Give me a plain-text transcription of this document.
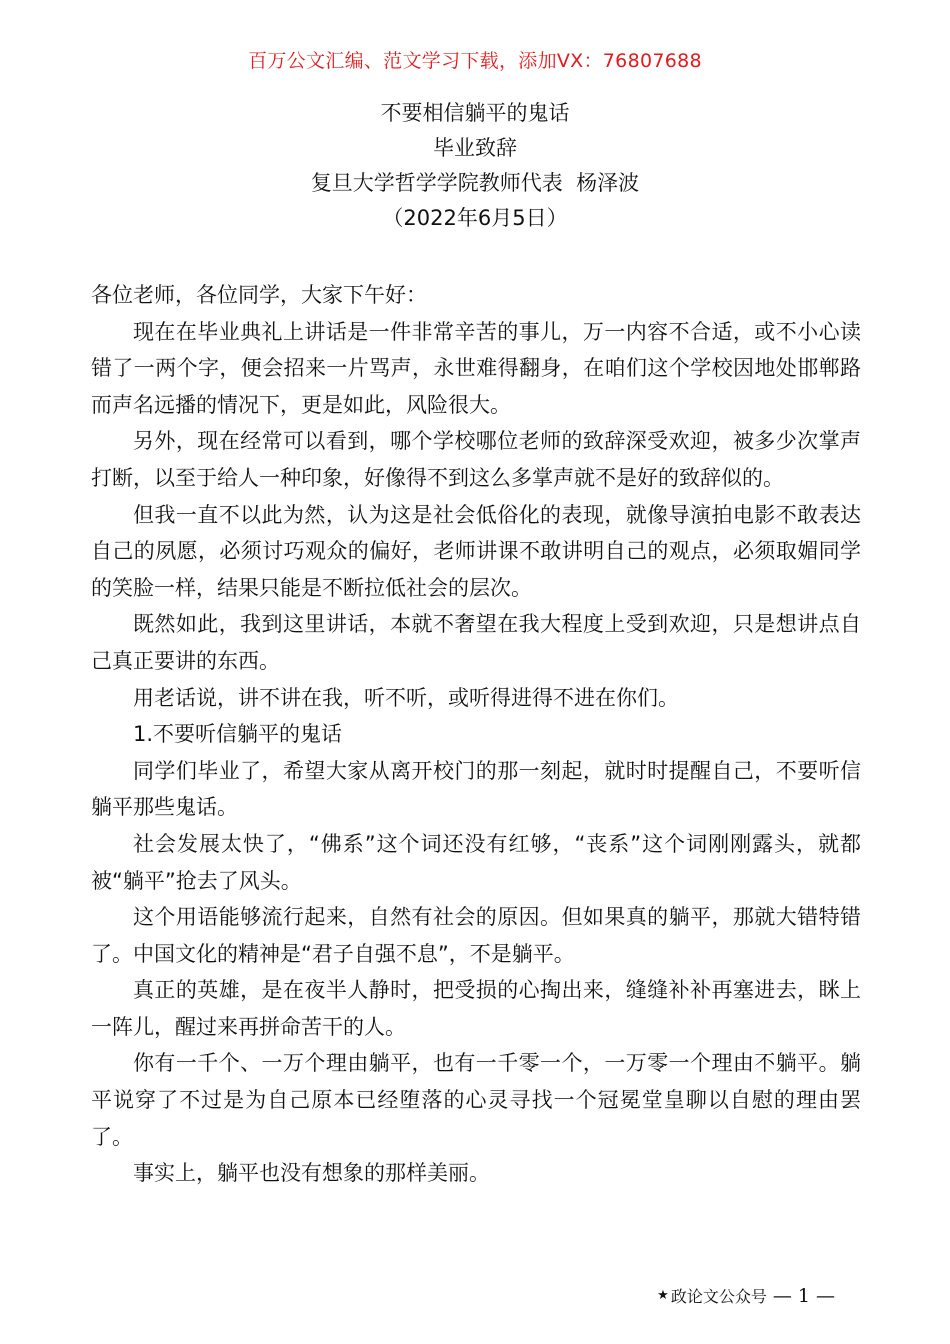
百万公文汇编、范文学习下载，添加VX：76807688
不要相信躺平的鬼话
毕业致辞
复旦大学哲学学院教师代表  杨泽波
（2022年6月5日）

各位老师，各位同学，大家下午好：

现在在毕业典礼上讲话是一件非常辛苦的事儿，万一内容不合适，或不小心读错了一两个字，便会招来一片骂声，永世难得翻身，在咱们这个学校因地处邯郸路而声名远播的情况下，更是如此，风险很大。

另外，现在经常可以看到，哪个学校哪位老师的致辞深受欢迎，被多少次掌声打断，以至于给人一种印象，好像得不到这么多掌声就不是好的致辞似的。

但我一直不以此为然，认为这是社会低俗化的表现，就像导演拍电影不敢表达自己的夙愿，必须讨巧观众的偏好，老师讲课不敢讲明自己的观点，必须取媚同学的笑脸一样，结果只能是不断拉低社会的层次。

既然如此，我到这里讲话，本就不奢望在我大程度上受到欢迎，只是想讲点自己真正要讲的东西。

用老话说，讲不讲在我，听不听，或听得进得不进在你们。

1.不要听信躺平的鬼话

同学们毕业了，希望大家从离开校门的那一刻起，就时时提醒自己，不要听信躺平那些鬼话。

社会发展太快了，“佛系”这个词还没有红够，“丧系”这个词刚刚露头，就都被“躺平”抢去了风头。

这个用语能够流行起来，自然有社会的原因。但如果真的躺平，那就大错特错了。中国文化的精神是“君子自强不息”，不是躺平。

真正的英雄，是在夜半人静时，把受损的心掏出来，缝缝补补再塞进去，眯上一阵儿，醒过来再拼命苦干的人。

你有一千个、一万个理由躺平，也有一千零一个，一万零一个理由不躺平。躺平说穿了不过是为自己原本已经堕落的心灵寻找一个冠冕堂皇聊以自慰的理由罢了。

事实上，躺平也没有想象的那样美丽。

★ 政论文公众号 — 1 —
